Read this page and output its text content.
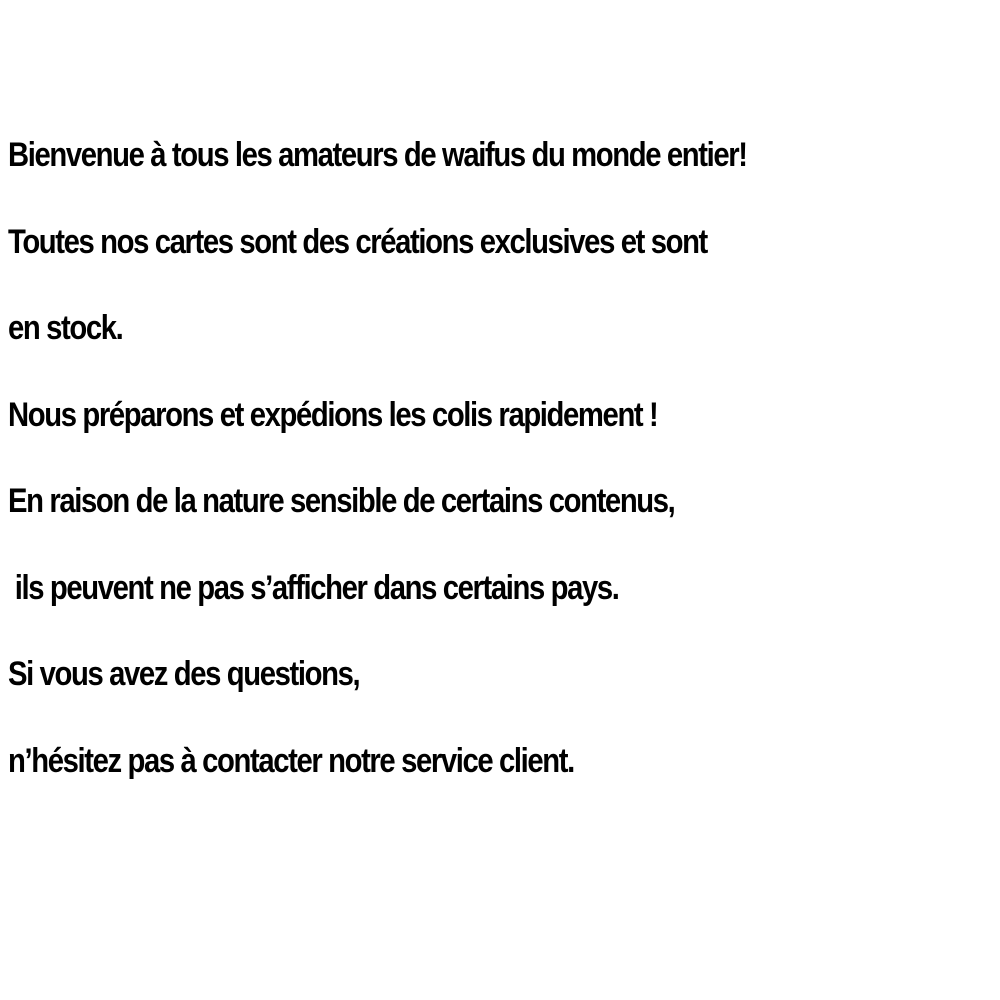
Bienvenue à tous les amateurs de waifus du monde entier!
Toutes nos cartes sont des créations exclusives et sont
en stock.
Nous préparons et expédions les colis rapidement !
En raison de la nature sensible de certains contenus,
ils peuvent ne pas s’afficher dans certains pays.
Si vous avez des questions,
n’hésitez pas à contacter notre service client.
